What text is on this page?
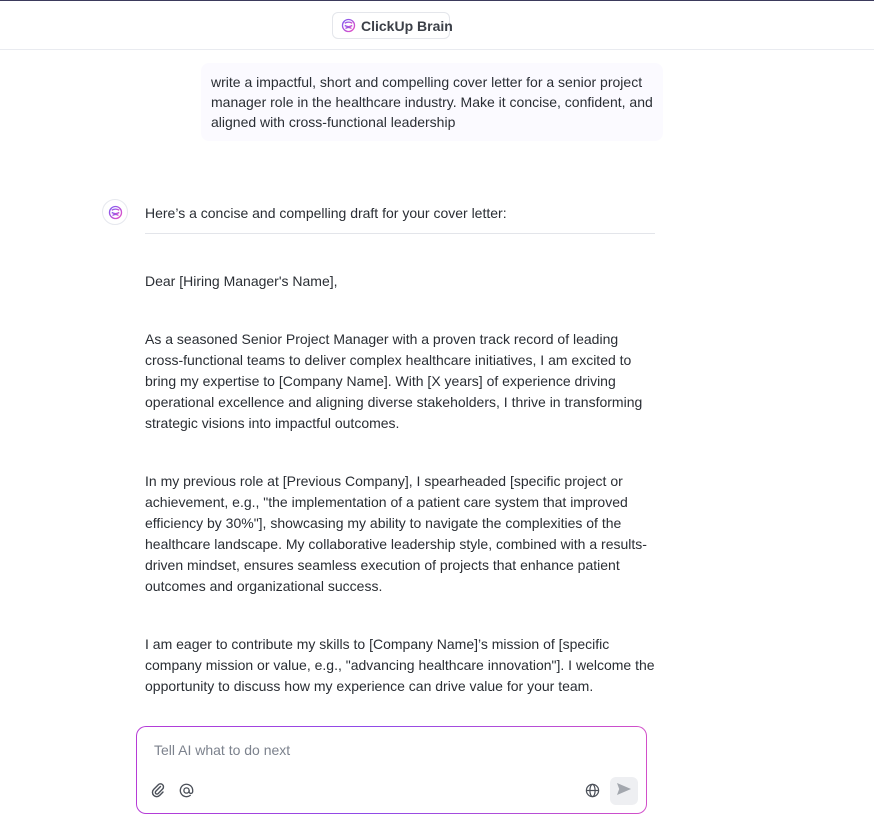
ClickUp Brain
write a impactful, short and compelling cover letter for a senior project manager role in the healthcare industry. Make it concise, confident, and aligned with cross-functional leadership
Here’s a concise and compelling draft for your cover letter:

Dear [Hiring Manager's Name],

As a seasoned Senior Project Manager with a proven track record of leading cross-functional teams to deliver complex healthcare initiatives, I am excited to bring my expertise to [Company Name]. With [X years] of experience driving operational excellence and aligning diverse stakeholders, I thrive in transforming strategic visions into impactful outcomes.

In my previous role at [Previous Company], I spearheaded [specific project or achievement, e.g., "the implementation of a patient care system that improved efficiency by 30%"], showcasing my ability to navigate the complexities of the healthcare landscape. My collaborative leadership style, combined with a results-driven mindset, ensures seamless execution of projects that enhance patient outcomes and organizational success.

I am eager to contribute my skills to [Company Name]’s mission of [specific company mission or value, e.g., "advancing healthcare innovation"]. I welcome the opportunity to discuss how my experience can drive value for your team.

Tell AI what to do next
